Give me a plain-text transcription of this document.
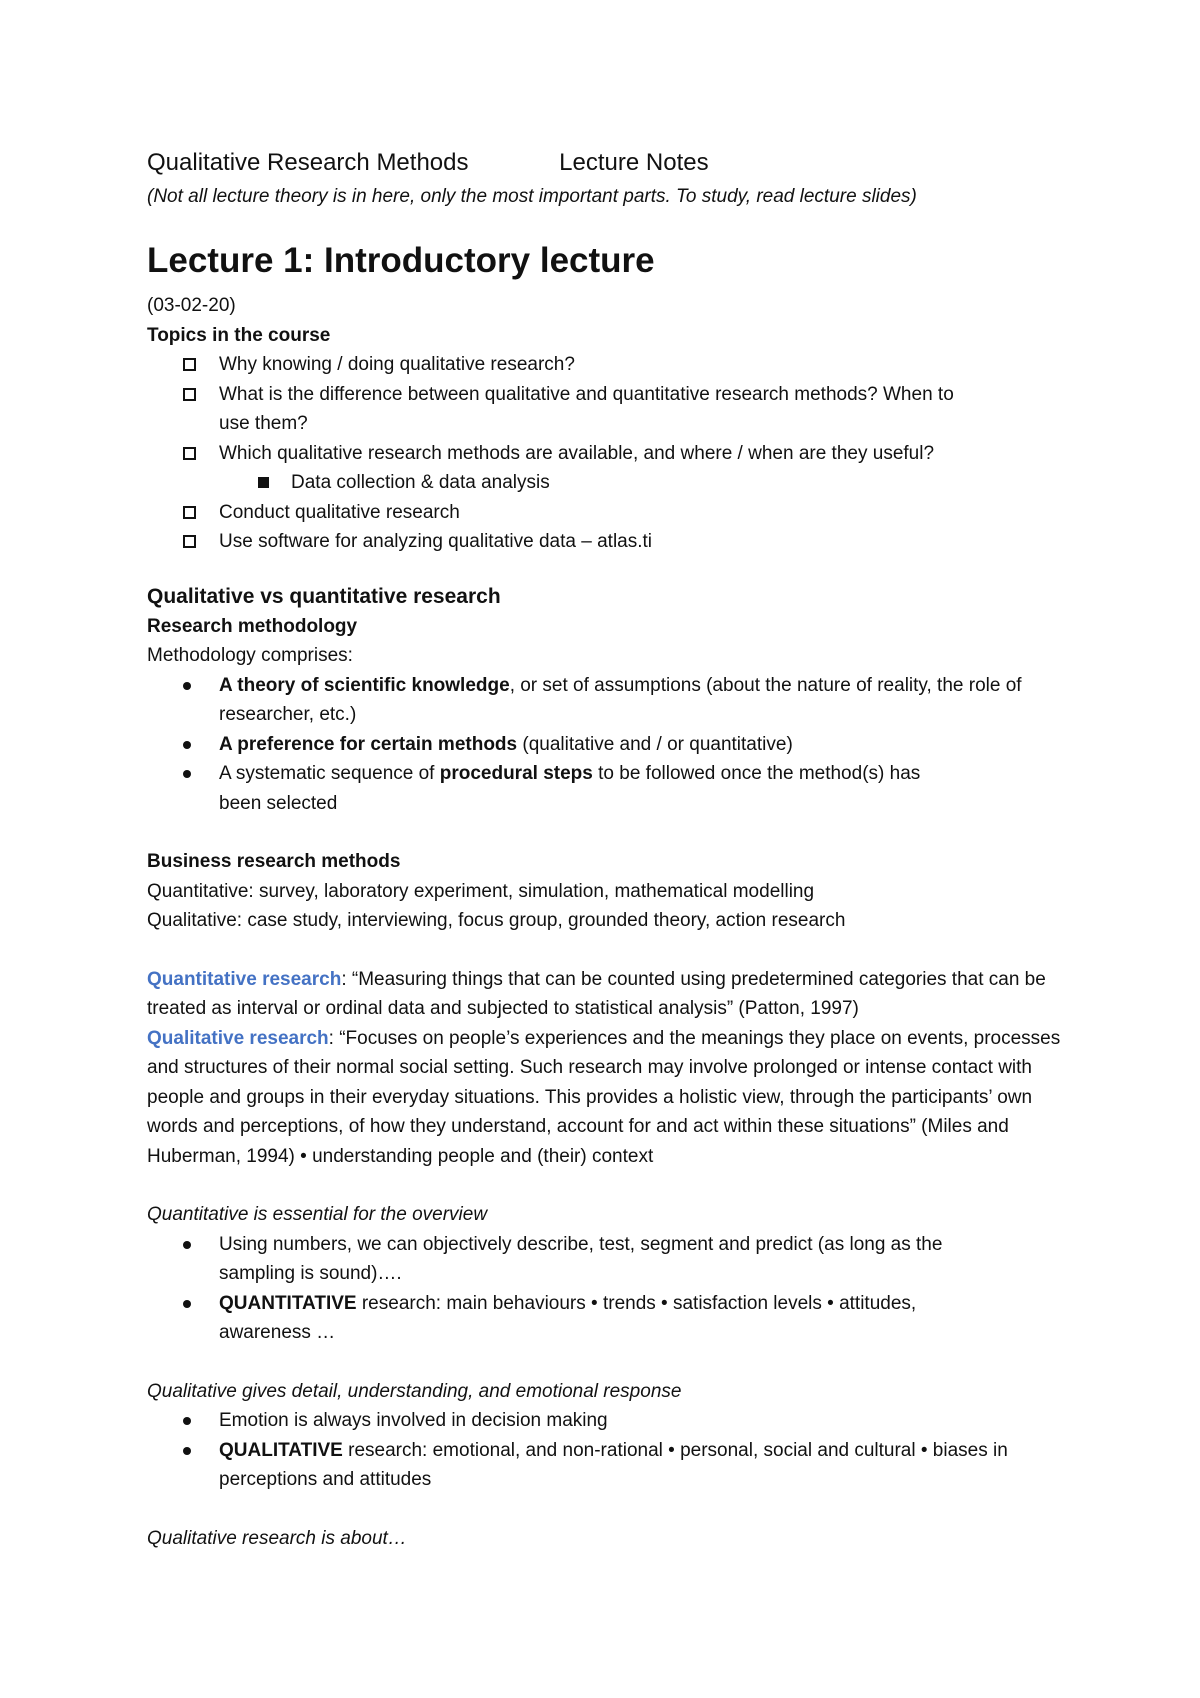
Qualitative Research Methods	Lecture Notes
(Not all lecture theory is in here, only the most important parts. To study, read lecture slides)
Lecture 1: Introductory lecture
(03-02-20)
Topics in the course
Why knowing / doing qualitative research?
What is the difference between qualitative and quantitative research methods? When to use them?
Which qualitative research methods are available, and where / when are they useful?
Data collection & data analysis
Conduct qualitative research
Use software for analyzing qualitative data – atlas.ti
Qualitative vs quantitative research
Research methodology
Methodology comprises:
A theory of scientific knowledge, or set of assumptions (about the nature of reality, the role of researcher, etc.)
A preference for certain methods (qualitative and / or quantitative)
A systematic sequence of procedural steps to be followed once the method(s) has been selected
Business research methods
Quantitative: survey, laboratory experiment, simulation, mathematical modelling
Qualitative: case study, interviewing, focus group, grounded theory, action research
Quantitative research: “Measuring things that can be counted using predetermined categories that can be treated as interval or ordinal data and subjected to statistical analysis” (Patton, 1997)
Qualitative research: “Focuses on people’s experiences and the meanings they place on events, processes and structures of their normal social setting. Such research may involve prolonged or intense contact with people and groups in their everyday situations. This provides a holistic view, through the participants’ own words and perceptions, of how they understand, account for and act within these situations” (Miles and Huberman, 1994) • understanding people and (their) context
Quantitative is essential for the overview
Using numbers, we can objectively describe, test, segment and predict (as long as the sampling is sound)….
QUANTITATIVE research: main behaviours • trends • satisfaction levels • attitudes, awareness …
Qualitative gives detail, understanding, and emotional response
Emotion is always involved in decision making
QUALITATIVE research: emotional, and non-rational • personal, social and cultural • biases in perceptions and attitudes
Qualitative research is about…
